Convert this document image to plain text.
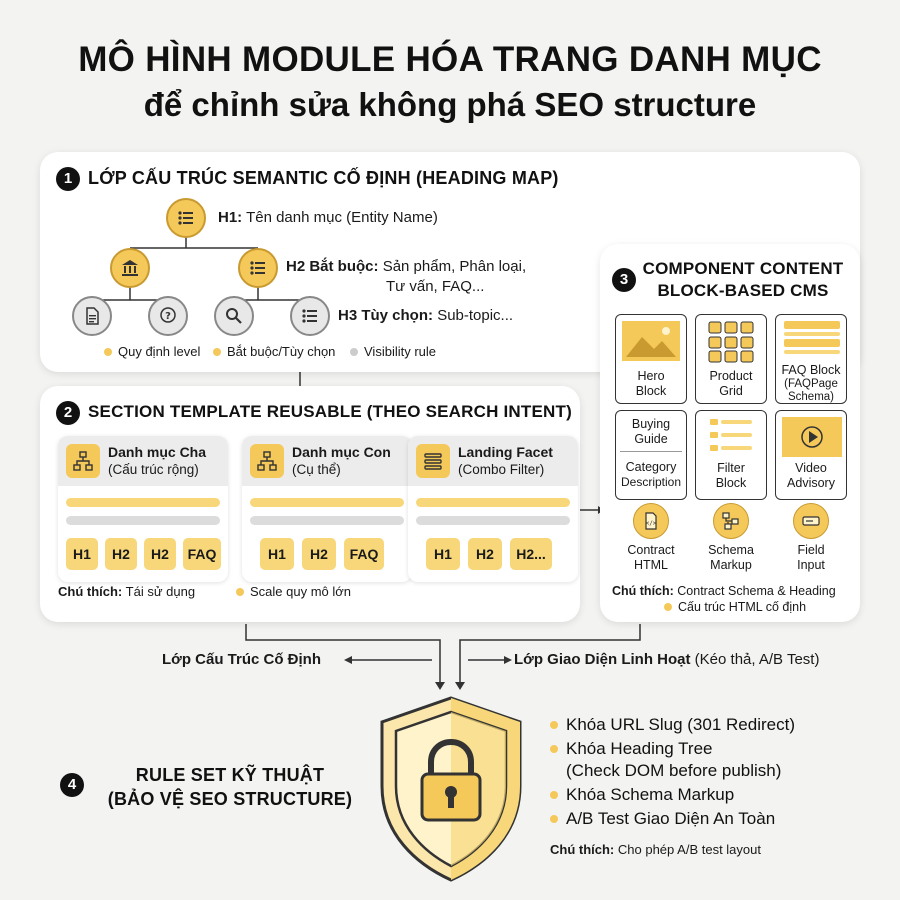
MÔ HÌNH MODULE HÓA TRANG DANH MỤC
để chỉnh sửa không phá SEO structure
1 LỚP CẤU TRÚC SEMANTIC CỐ ĐỊNH (HEADING MAP)
H1: Tên danh mục (Entity Name)
H2 Bắt buộc: Sản phẩm, Phân loại,
Tư vấn, FAQ...
?	H3 Tùy chọn: Sub-topic...
Quy định level Bắt buộc/Tùy chọn Visibility rule
2 SECTION TEMPLATE REUSABLE (THEO SEARCH INTENT)
Danh mục Cha
(Cấu trúc rộng)
H1	H2	H2	FAQ
Danh mục Con
(Cụ thể)
H1	H2	FAQ
Landing Facet
(Combo Filter)
H1	H2	H2...
Chú thích: Tái sử dụng	Scale quy mô lớn
3
COMPONENT CONTENT
BLOCK-BASED CMS
Hero
Block
Product
Grid
FAQ Block
(FAQPage
Schema)
Buying
Guide
Category
Description
Filter
Block
Video
Advisory
</>
Contract
HTML
Schema
Markup
Field
Input
Chú thích: Contract Schema & Heading
Cấu trúc HTML cố định
Lớp Cấu Trúc Cố Định	Lớp Giao Diện Linh Hoạt (Kéo thả, A/B Test)
4	RULE SET KỸ THUẬT
(BẢO VỆ SEO STRUCTURE)
Khóa URL Slug (301 Redirect)
Khóa Heading Tree
(Check DOM before publish)
Khóa Schema Markup
A/B Test Giao Diện An Toàn
Chú thích: Cho phép A/B test layout
